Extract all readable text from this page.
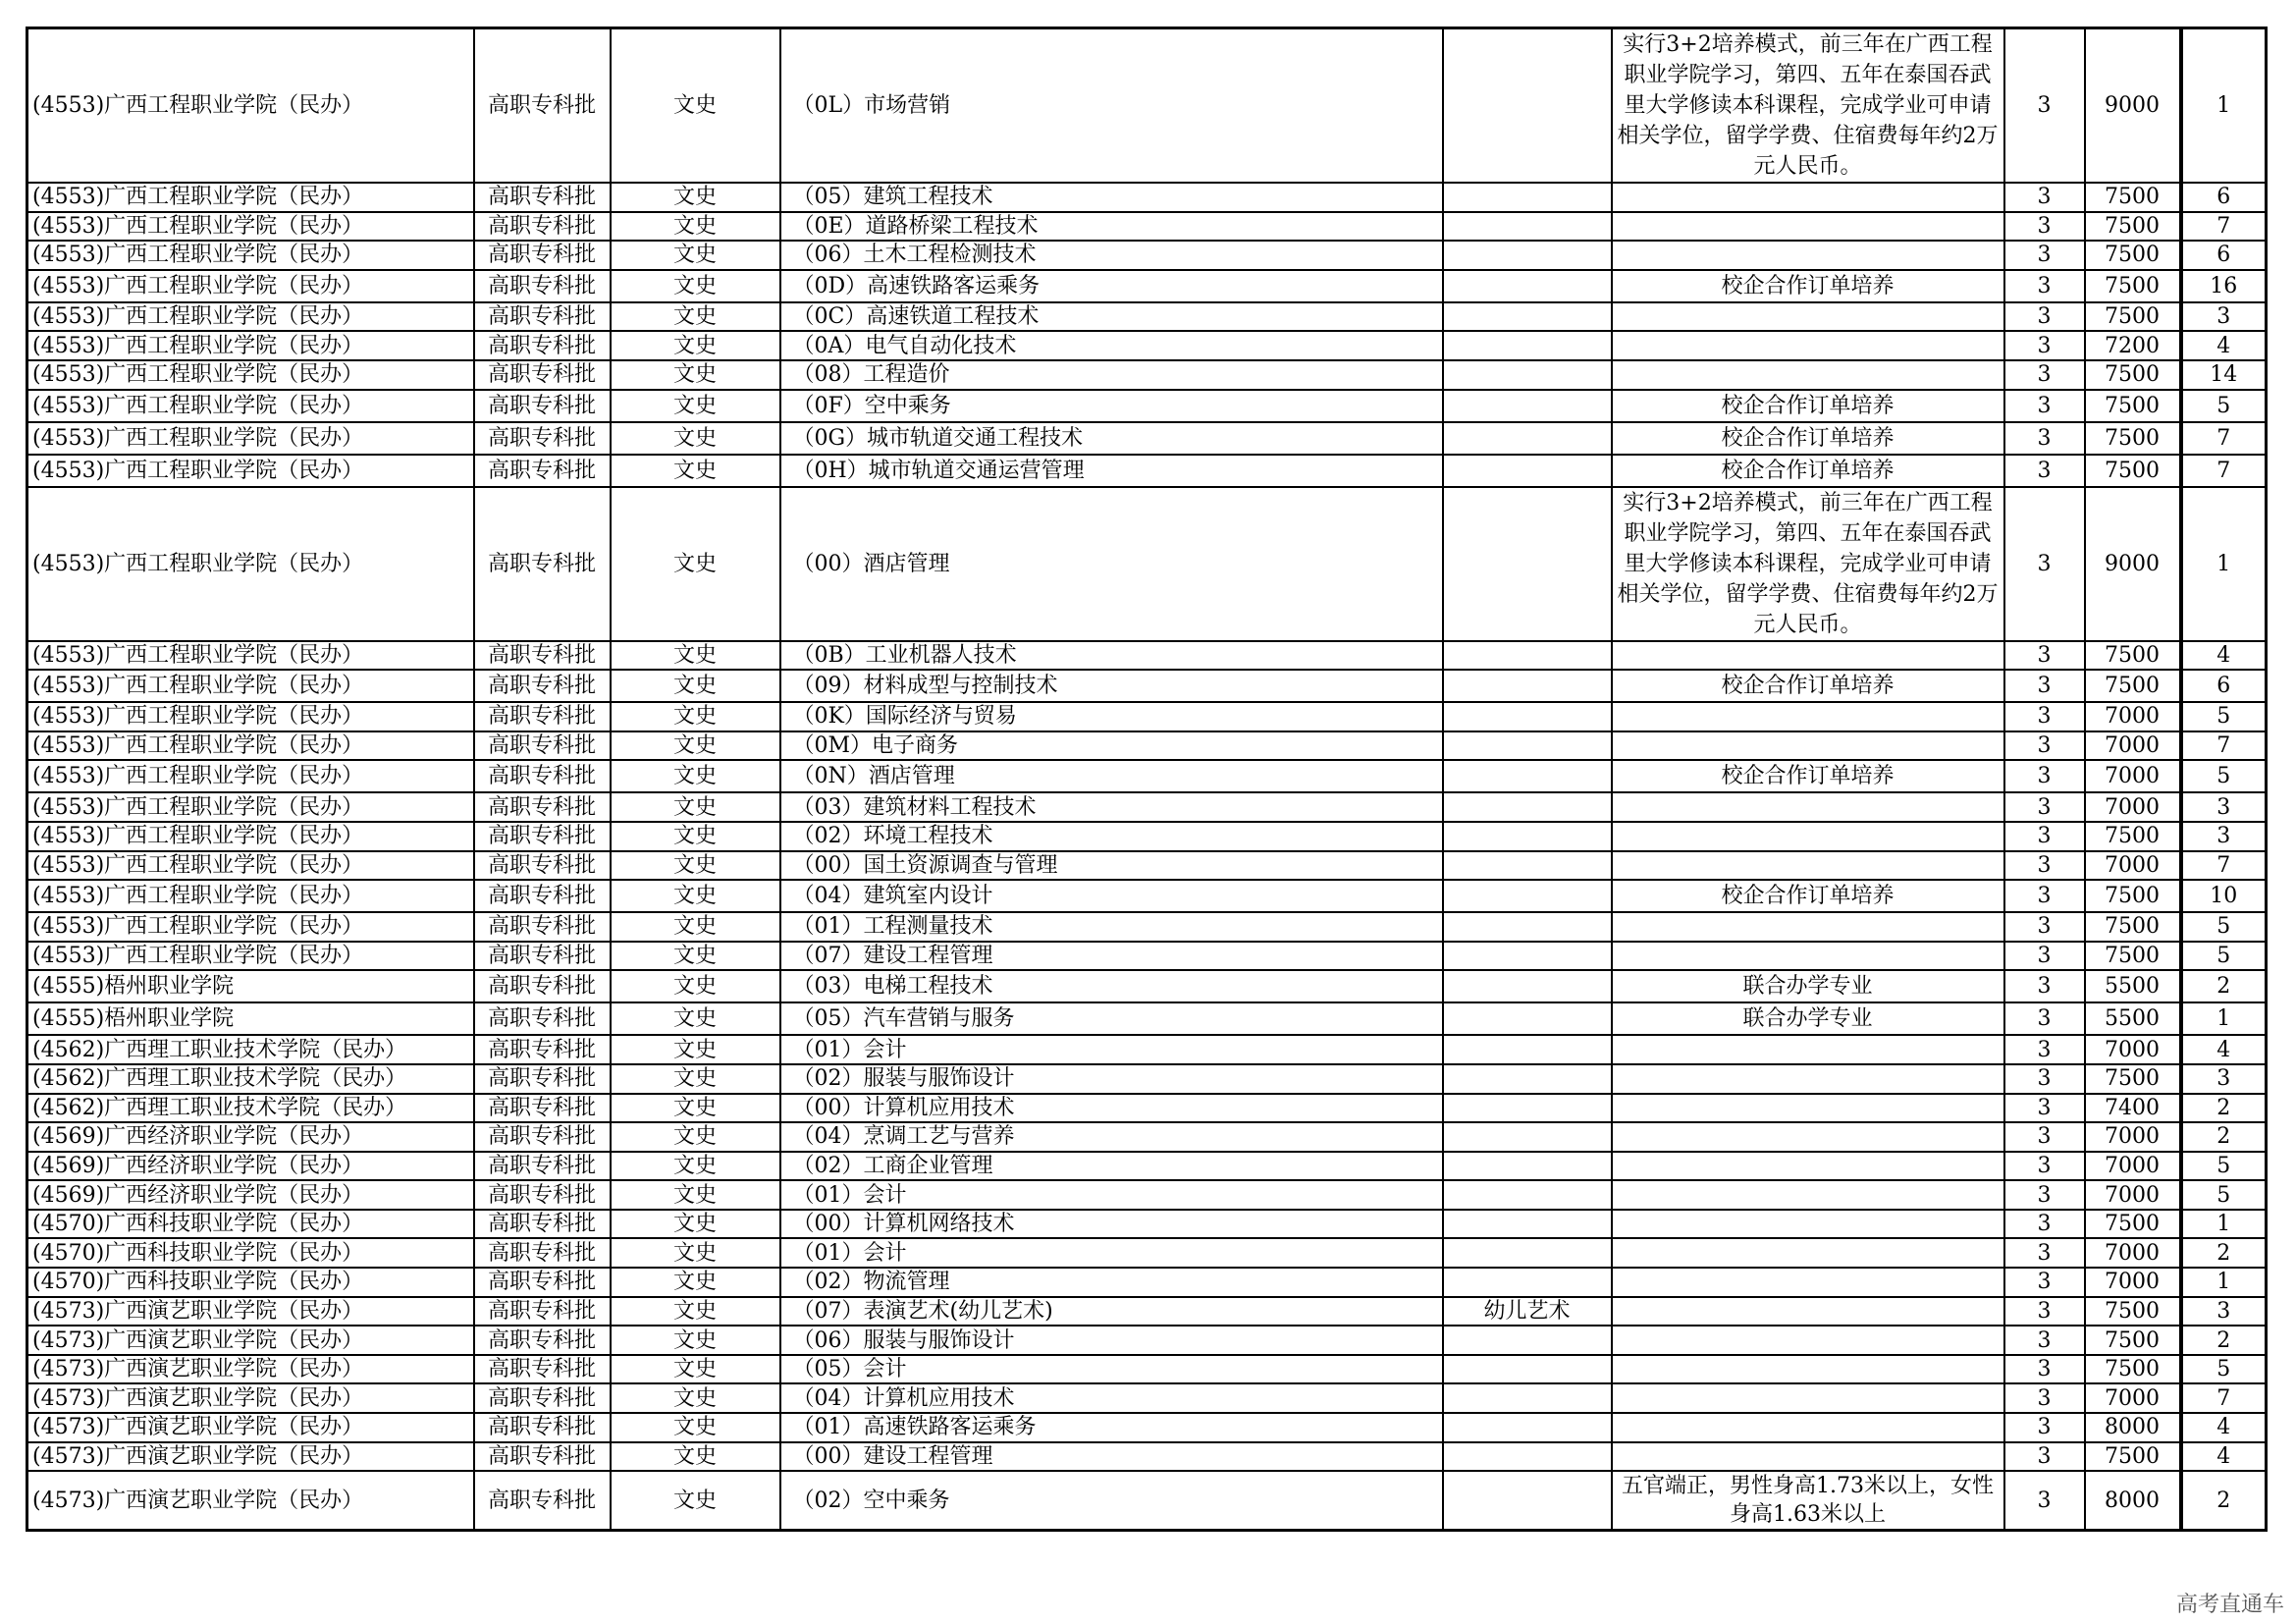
(4553)广西工程职业学院（民办）	高职专科批	文史	（0L）市场营销		实行3+2培养模式，前三年在广西工程职业学院学习，第四、五年在泰国吞武里大学修读本科课程，完成学业可申请相关学位，留学学费、住宿费每年约2万元人民币。	3	9000	1
(4553)广西工程职业学院（民办）	高职专科批	文史	（05）建筑工程技术			3	7500	6
(4553)广西工程职业学院（民办）	高职专科批	文史	（0E）道路桥梁工程技术			3	7500	7
(4553)广西工程职业学院（民办）	高职专科批	文史	（06）土木工程检测技术			3	7500	6
(4553)广西工程职业学院（民办）	高职专科批	文史	（0D）高速铁路客运乘务		校企合作订单培养	3	7500	16
(4553)广西工程职业学院（民办）	高职专科批	文史	（0C）高速铁道工程技术			3	7500	3
(4553)广西工程职业学院（民办）	高职专科批	文史	（0A）电气自动化技术			3	7200	4
(4553)广西工程职业学院（民办）	高职专科批	文史	（08）工程造价			3	7500	14
(4553)广西工程职业学院（民办）	高职专科批	文史	（0F）空中乘务		校企合作订单培养	3	7500	5
(4553)广西工程职业学院（民办）	高职专科批	文史	（0G）城市轨道交通工程技术		校企合作订单培养	3	7500	7
(4553)广西工程职业学院（民办）	高职专科批	文史	（0H）城市轨道交通运营管理		校企合作订单培养	3	7500	7
(4553)广西工程职业学院（民办）	高职专科批	文史	（00）酒店管理		实行3+2培养模式，前三年在广西工程职业学院学习，第四、五年在泰国吞武里大学修读本科课程，完成学业可申请相关学位，留学学费、住宿费每年约2万元人民币。	3	9000	1
(4553)广西工程职业学院（民办）	高职专科批	文史	（0B）工业机器人技术			3	7500	4
(4553)广西工程职业学院（民办）	高职专科批	文史	（09）材料成型与控制技术		校企合作订单培养	3	7500	6
(4553)广西工程职业学院（民办）	高职专科批	文史	（0K）国际经济与贸易			3	7000	5
(4553)广西工程职业学院（民办）	高职专科批	文史	（0M）电子商务			3	7000	7
(4553)广西工程职业学院（民办）	高职专科批	文史	（0N）酒店管理		校企合作订单培养	3	7000	5
(4553)广西工程职业学院（民办）	高职专科批	文史	（03）建筑材料工程技术			3	7000	3
(4553)广西工程职业学院（民办）	高职专科批	文史	（02）环境工程技术			3	7500	3
(4553)广西工程职业学院（民办）	高职专科批	文史	（00）国土资源调查与管理			3	7000	7
(4553)广西工程职业学院（民办）	高职专科批	文史	（04）建筑室内设计		校企合作订单培养	3	7500	10
(4553)广西工程职业学院（民办）	高职专科批	文史	（01）工程测量技术			3	7500	5
(4553)广西工程职业学院（民办）	高职专科批	文史	（07）建设工程管理			3	7500	5
(4555)梧州职业学院	高职专科批	文史	（03）电梯工程技术		联合办学专业	3	5500	2
(4555)梧州职业学院	高职专科批	文史	（05）汽车营销与服务		联合办学专业	3	5500	1
(4562)广西理工职业技术学院（民办）	高职专科批	文史	（01）会计			3	7000	4
(4562)广西理工职业技术学院（民办）	高职专科批	文史	（02）服装与服饰设计			3	7500	3
(4562)广西理工职业技术学院（民办）	高职专科批	文史	（00）计算机应用技术			3	7400	2
(4569)广西经济职业学院（民办）	高职专科批	文史	（04）烹调工艺与营养			3	7000	2
(4569)广西经济职业学院（民办）	高职专科批	文史	（02）工商企业管理			3	7000	5
(4569)广西经济职业学院（民办）	高职专科批	文史	（01）会计			3	7000	5
(4570)广西科技职业学院（民办）	高职专科批	文史	（00）计算机网络技术			3	7500	1
(4570)广西科技职业学院（民办）	高职专科批	文史	（01）会计			3	7000	2
(4570)广西科技职业学院（民办）	高职专科批	文史	（02）物流管理			3	7000	1
(4573)广西演艺职业学院（民办）	高职专科批	文史	（07）表演艺术(幼儿艺术)	幼儿艺术		3	7500	3
(4573)广西演艺职业学院（民办）	高职专科批	文史	（06）服装与服饰设计			3	7500	2
(4573)广西演艺职业学院（民办）	高职专科批	文史	（05）会计			3	7500	5
(4573)广西演艺职业学院（民办）	高职专科批	文史	（04）计算机应用技术			3	7000	7
(4573)广西演艺职业学院（民办）	高职专科批	文史	（01）高速铁路客运乘务			3	8000	4
(4573)广西演艺职业学院（民办）	高职专科批	文史	（00）建设工程管理			3	7500	4
(4573)广西演艺职业学院（民办）	高职专科批	文史	（02）空中乘务		五官端正，男性身高1.73米以上，女性身高1.63米以上	3	8000	2
高考直通车
